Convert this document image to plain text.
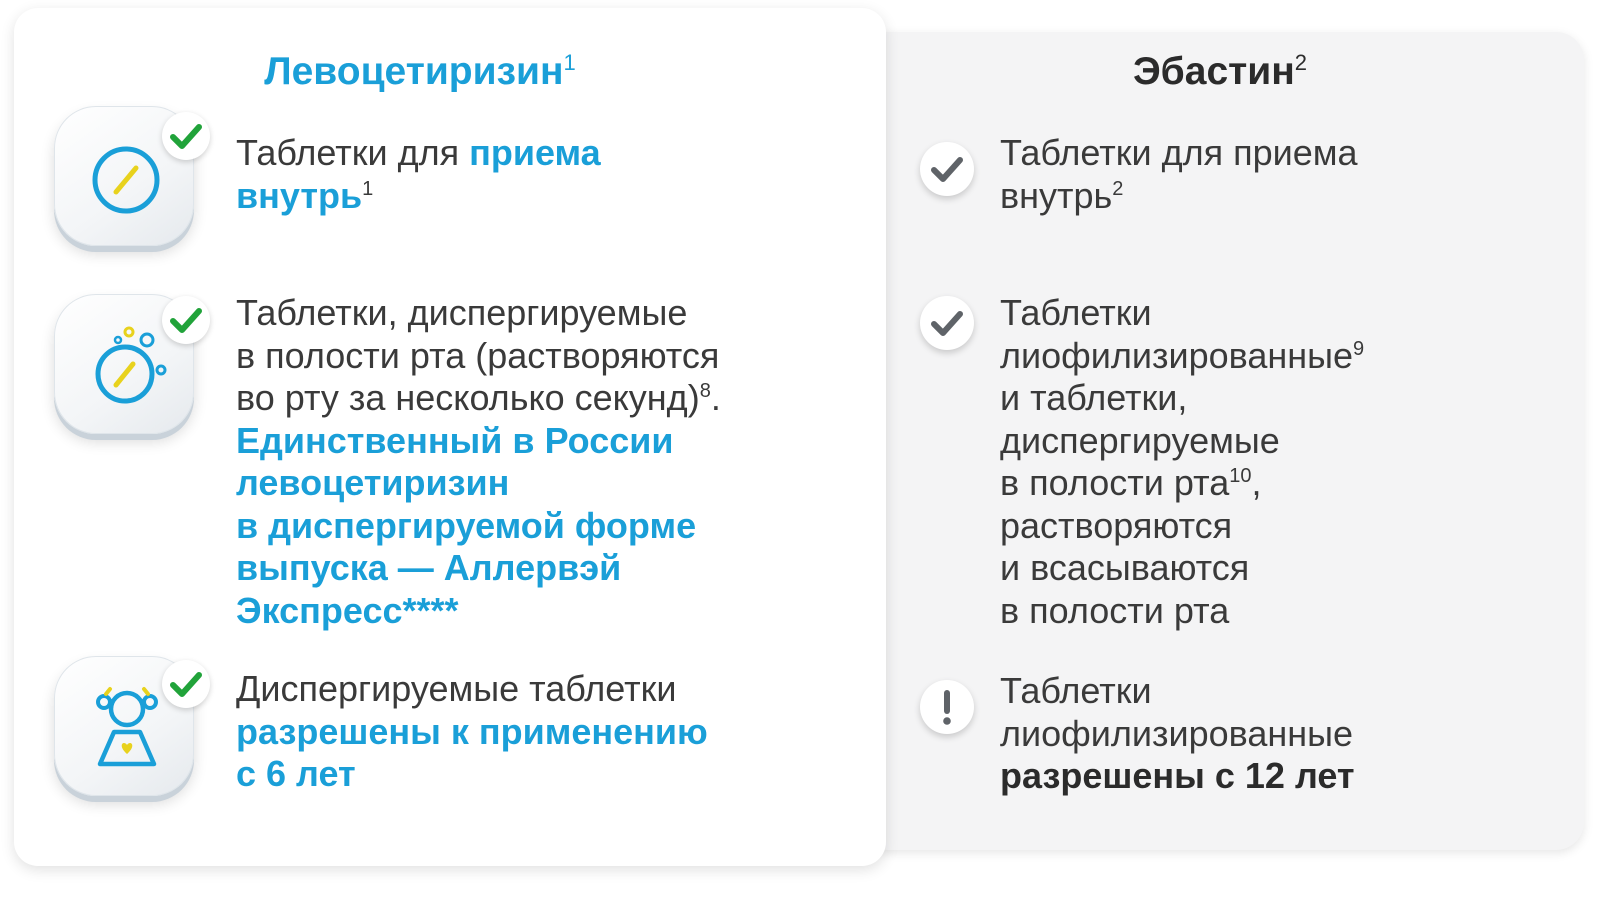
Левоцетиризин$^1$	Эбастин$^2$

Таблетки для приема
внутрь$^1$

Таблетки, диспергируемые
в полости рта (растворяются
во рту за несколько секунд)$^8$.
Единственный в России
левоцетиризин
в диспергируемой форме
выпуска — Аллервэй
Экспресс****

Диспергируемые таблетки
разрешены к применению
с 6 лет

Таблетки для приема
внутрь$^2$

Таблетки
лиофилизированные$^9$
и таблетки,
диспергируемые
в полости рта$^{10}$,
растворяются
и всасываются
в полости рта

Таблетки
лиофилизированные
разрешены с 12 лет
